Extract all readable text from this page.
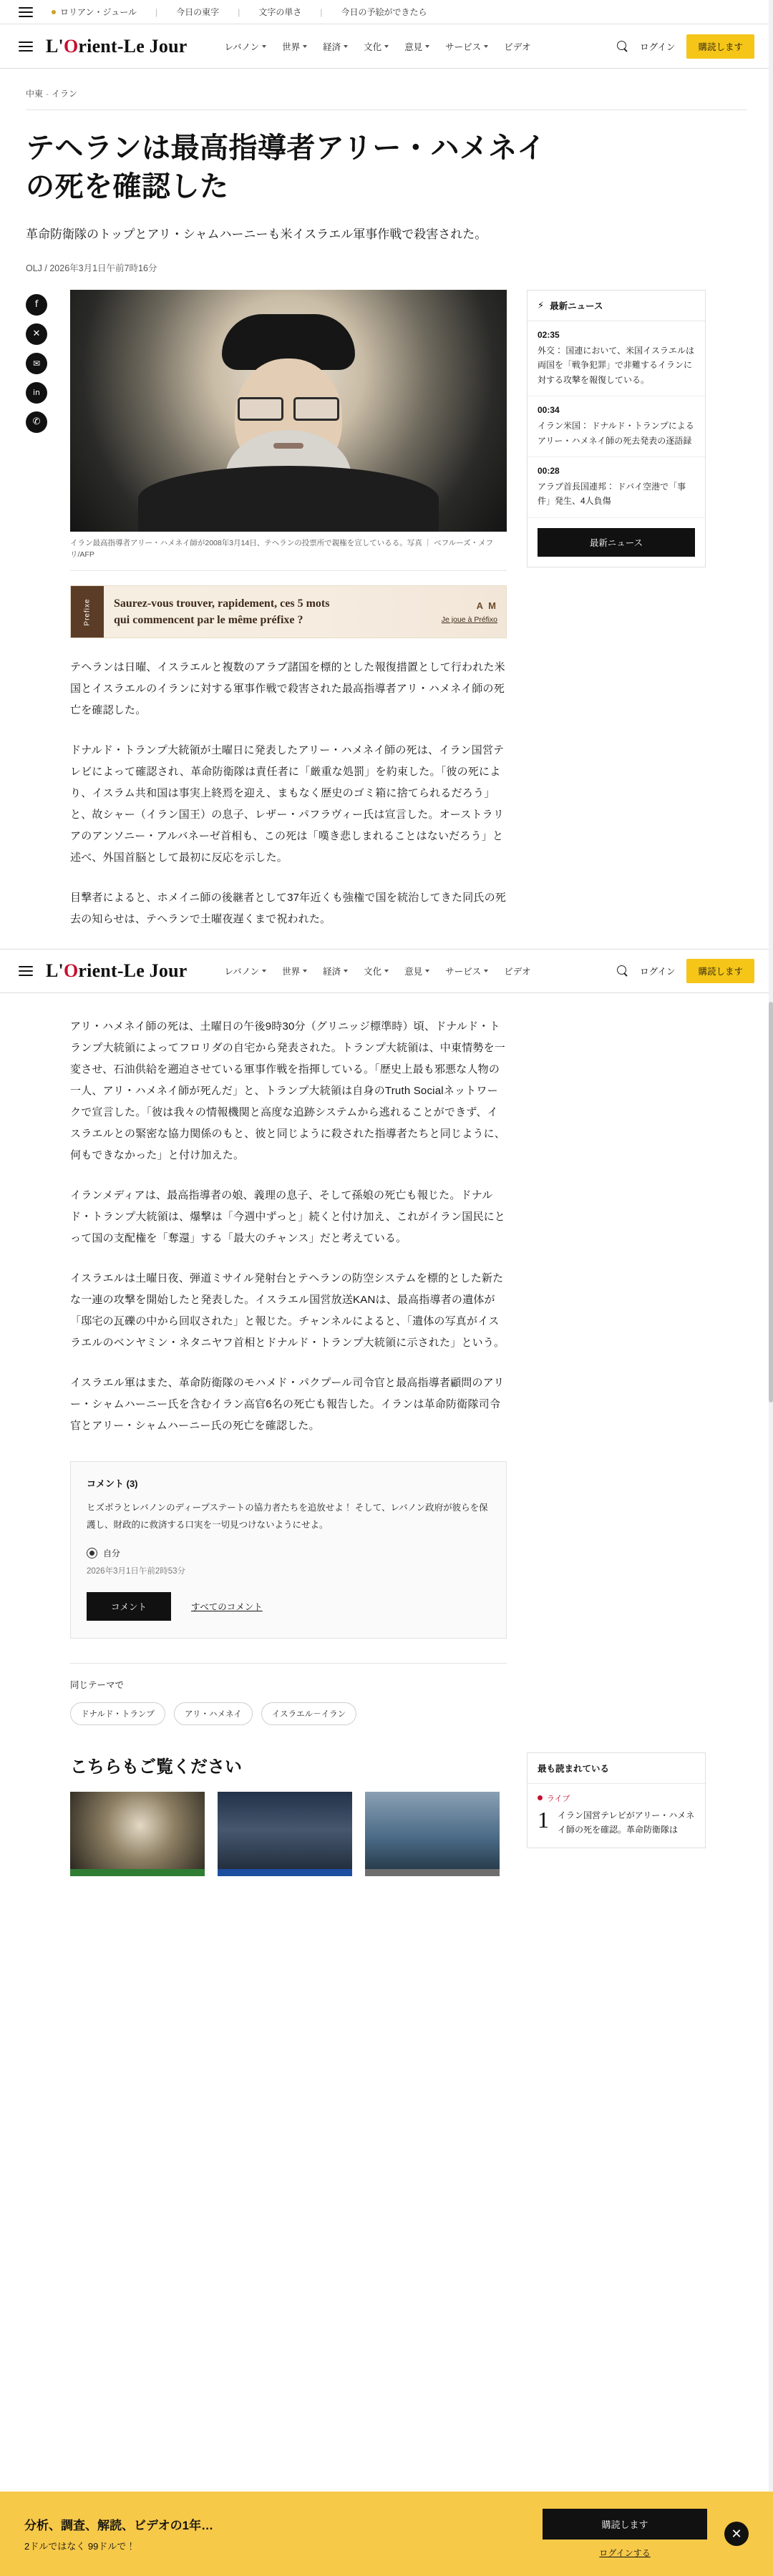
ロリアン・ジュール | 今日の東字 | 文字の単さ | 今日の予絵ができたら
L'Orient-Le Jour	レバノン	世界	経済	文化	意見	サービス	ビデオ	ログイン	購読します
中東 - イラン
テヘランは最高指導者アリー・ハメネイの死を確認した

革命防衛隊のトップとアリ・シャムハーニーも米イスラエル軍事作戦で殺害された。

OLJ / 2026年3月1日午前7時16分

f
✕
✉
in
✆
イラン最高指導者アリー・ハメネイ師が2008年3月14日、テヘランの投票所で親権を宣しているる。写真 ｜ ベフルーズ・メフリ/AFP
Prefixe Saurez-vous trouver, rapidement, ces 5 mots
qui commencent par le même préfixe ?
A M
Je joue à Préfixo

テヘランは日曜、イスラエルと複数のアラブ諸国を標的とした報復措置として行われた米国とイスラエルのイランに対する軍事作戦で殺害された最高指導者アリ・ハメネイ師の死亡を確認した。

ドナルド・トランプ大統領が土曜日に発表したアリー・ハメネイ師の死は、イラン国営テレビによって確認され、革命防衛隊は責任者に「厳重な処罰」を約束した。「彼の死により、イスラム共和国は事実上終焉を迎え、まもなく歴史のゴミ箱に捨てられるだろう」と、故シャー（イラン国王）の息子、レザー・パフラヴィー氏は宣言した。オーストラリアのアンソニー・アルバネーゼ首相も、この死は「嘆き悲しまれることはないだろう」と述べ、外国首脳として最初に反応を示した。

目撃者によると、ホメイニ師の後継者として37年近くも強権で国を統治してきた同氏の死去の知らせは、テヘランで土曜夜遅くまで祝われた。

⚡ 最新ニュース
02:35
外交： 国連において、米国イスラエルは両国を「戦争犯罪」で非難するイランに対する攻撃を報復している。
00:34
イラン米国： ドナルド・トランプによるアリー・ハメネイ師の死去発表の逐語録
00:28
アラブ首長国連邦： ドバイ空港で「事件」発生、4人負傷
最新ニュース
L'Orient-Le Jour	レバノン	世界	経済	文化	意見	サービス	ビデオ	ログイン	購読します

アリ・ハメネイ師の死は、土曜日の午後9時30分（グリニッジ標準時）頃、ドナルド・トランプ大統領によってフロリダの自宅から発表された。トランプ大統領は、中東情勢を一変させ、石油供給を遡迫させている軍事作戦を指揮している。「歴史上最も邪悪な人物の一人、アリ・ハメネイ師が死んだ」と、トランプ大統領は自身のTruth Socialネットワークで宣言した。「彼は我々の情報機関と高度な追跡システムから逃れることができず、イスラエルとの緊密な協力関係のもと、彼と同じように殺された指導者たちと同じように、何もできなかった」と付け加えた。

イランメディアは、最高指導者の娘、義理の息子、そして孫娘の死亡も報じた。ドナルド・トランプ大統領は、爆撃は「今週中ずっと」続くと付け加え、これがイラン国民にとって国の支配権を「奪還」する「最大のチャンス」だと考えている。

イスラエルは土曜日夜、弾道ミサイル発射台とテヘランの防空システムを標的とした新たな一連の攻撃を開始したと発表した。イスラエル国営放送KANは、最高指導者の遺体が「邸宅の瓦礫の中から回収された」と報じた。チャンネルによると、「遺体の写真がイスラエルのベンヤミン・ネタニヤフ首相とドナルド・トランプ大統領に示された」という。

イスラエル軍はまた、革命防衛隊のモハメド・パクプール司令官と最高指導者顧問のアリー・シャムハーニー氏を含むイラン高官6名の死亡も報告した。イランは革命防衛隊司令官とアリー・シャムハーニー氏の死亡を確認した。

コメント (3)
ヒズボラとレバノンのディープステートの協力者たちを追放せよ！ そして、レバノン政府が彼らを保護し、財政的に救済する口実を一切見つけないようにせよ。
自分
2026年3月1日午前2時53分
コメント	すべてのコメント
同じテーマで
ドナルド・トランプ	アリ・ハメネイ	イスラエル－イラン
こちらもご覧ください	最も読まれている
ライブ
1 イラン国営テレビがアリー・ハメネイ師の死を確認。革命防衛隊は
分析、調査、解読、ビデオの1年…
2ドルではなく 99ドルで！
購読します
ログインする
✕
